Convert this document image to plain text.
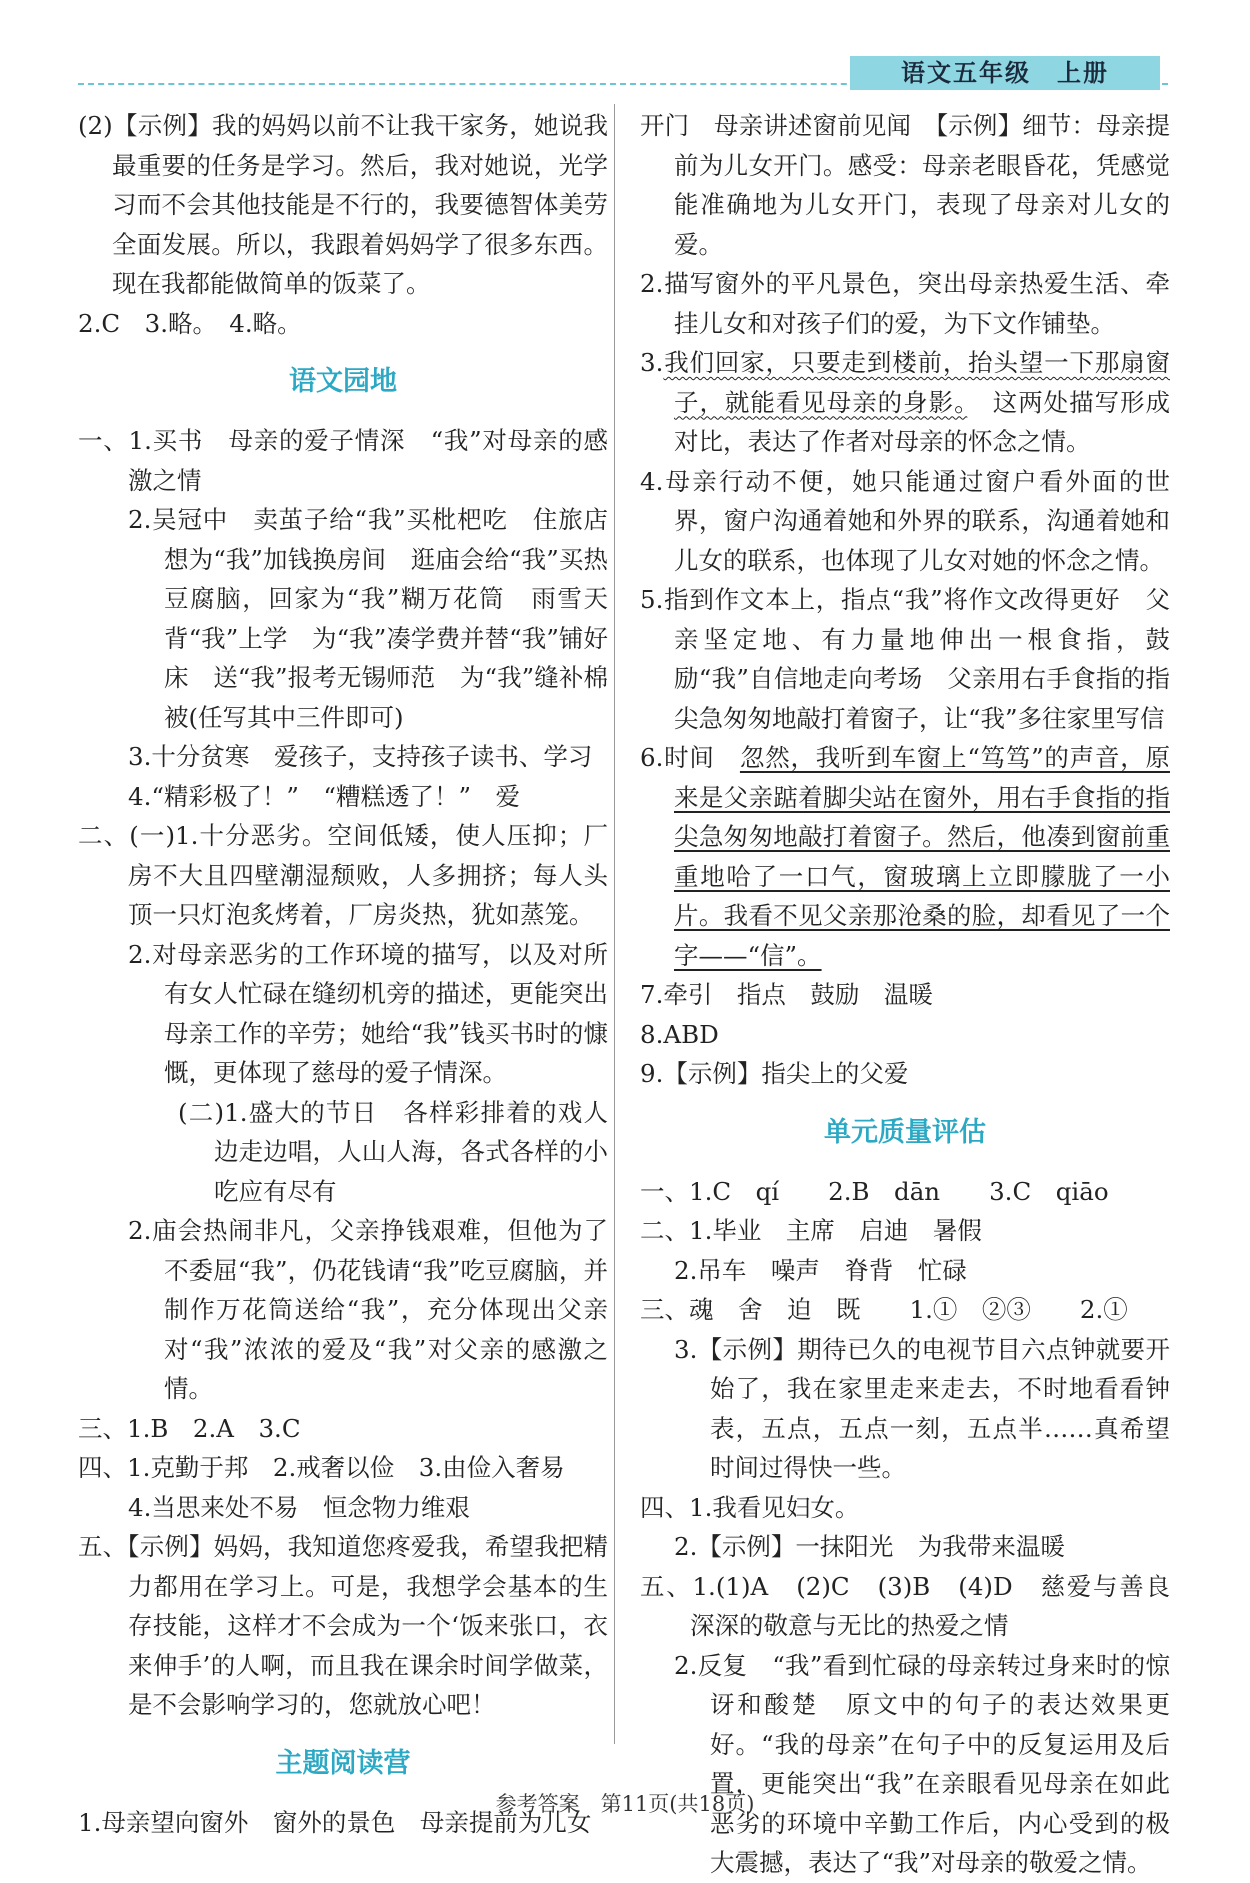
语文五年级　上册

(2)【示例】我的妈妈以前不让我干家务，她说我最重要的任务是学习。然后，我对她说，光学习而不会其他技能是不行的，我要德智体美劳全面发展。所以，我跟着妈妈学了很多东西。现在我都能做简单的饭菜了。

2.C　3.略。　4.略。

语文园地

一、1.买书　母亲的爱子情深　“我”对母亲的感激之情

2.吴冠中　卖茧子给“我”买枇杷吃　住旅店想为“我”加钱换房间　逛庙会给“我”买热豆腐脑，回家为“我”糊万花筒　雨雪天背“我”上学　为“我”凑学费并替“我”铺好床　送“我”报考无锡师范　为“我”缝补棉被(任写其中三件即可)

3.十分贫寒　爱孩子，支持孩子读书、学习

4.“精彩极了！”　“糟糕透了！”　爱

二、(一)1.十分恶劣。空间低矮，使人压抑；厂房不大且四壁潮湿颓败，人多拥挤；每人头顶一只灯泡炙烤着，厂房炎热，犹如蒸笼。

2.对母亲恶劣的工作环境的描写，以及对所有女人忙碌在缝纫机旁的描述，更能突出母亲工作的辛劳；她给“我”钱买书时的慷慨，更体现了慈母的爱子情深。

(二)1.盛大的节日　各样彩排着的戏人边走边唱，人山人海，各式各样的小吃应有尽有

2.庙会热闹非凡，父亲挣钱艰难，但他为了不委屈“我”，仍花钱请“我”吃豆腐脑，并制作万花筒送给“我”，充分体现出父亲对“我”浓浓的爱及“我”对父亲的感激之情。

三、1.B　2.A　3.C

四、1.克勤于邦　2.戒奢以俭　3.由俭入奢易

4.当思来处不易　恒念物力维艰

五、【示例】妈妈，我知道您疼爱我，希望我把精力都用在学习上。可是，我想学会基本的生存技能，这样才不会成为一个‘饭来张口，衣来伸手’的人啊，而且我在课余时间学做菜，是不会影响学习的，您就放心吧！

主题阅读营

1.母亲望向窗外　窗外的景色　母亲提前为儿女

开门　母亲讲述窗前见闻　【示例】细节：母亲提前为儿女开门。感受：母亲老眼昏花，凭感觉能准确地为儿女开门，表现了母亲对儿女的爱。

2.描写窗外的平凡景色，突出母亲热爱生活、牵挂儿女和对孩子们的爱，为下文作铺垫。

3.我们回家，只要走到楼前，抬头望一下那扇窗子，就能看见母亲的身影。　这两处描写形成对比，表达了作者对母亲的怀念之情。

4.母亲行动不便，她只能通过窗户看外面的世界，窗户沟通着她和外界的联系，沟通着她和儿女的联系，也体现了儿女对她的怀念之情。

5.指到作文本上，指点“我”将作文改得更好　父亲坚定地、有力量地伸出一根食指，鼓励“我”自信地走向考场　父亲用右手食指的指尖急匆匆地敲打着窗子，让“我”多往家里写信

6.时间　忽然，我听到车窗上“笃笃”的声音，原来是父亲踮着脚尖站在窗外，用右手食指的指尖急匆匆地敲打着窗子。然后，他凑到窗前重重地哈了一口气，窗玻璃上立即朦胧了一小片。我看不见父亲那沧桑的脸，却看见了一个字——“信”。

7.牵引　指点　鼓励　温暖

8.ABD

9.【示例】指尖上的父爱

单元质量评估

一、1.C　qí　　2.B　dān　　3.C　qiāo

二、1.毕业　主席　启迪　暑假

2.吊车　噪声　脊背　忙碌

三、魂　舍　迫　既　　1.①　②③　　2.①

3.【示例】期待已久的电视节目六点钟就要开始了，我在家里走来走去，不时地看看钟表，五点，五点一刻，五点半……真希望时间过得快一些。

四、1.我看见妇女。

2.【示例】一抹阳光　为我带来温暖

五、1.(1)A　(2)C　(3)B　(4)D　慈爱与善良　深深的敬意与无比的热爱之情

2.反复　“我”看到忙碌的母亲转过身来时的惊讶和酸楚　原文中的句子的表达效果更好。“我的母亲”在句子中的反复运用及后置，更能突出“我”在亲眼看见母亲在如此恶劣的环境中辛勤工作后，内心受到的极大震撼，表达了“我”对母亲的敬爱之情。

参考答案　第11页(共18页)
